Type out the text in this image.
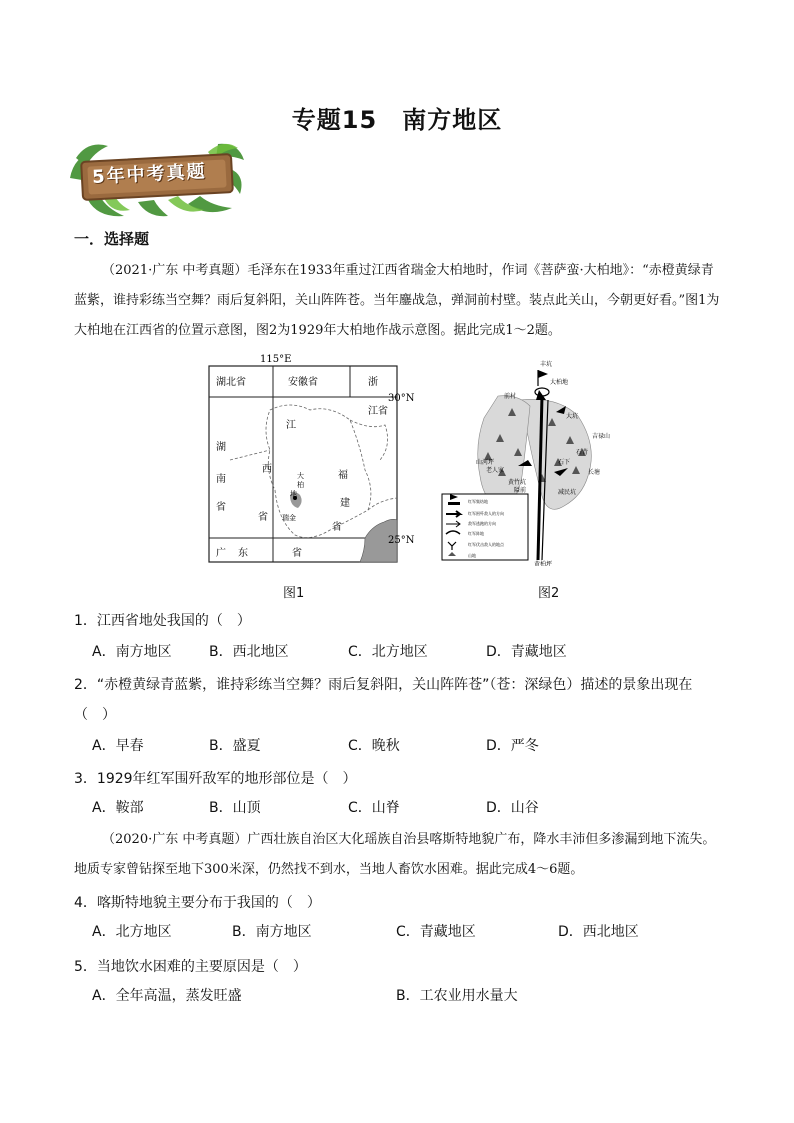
专题15　南方地区
5年中考真题
一．选择题
（2021·广东 中考真题）毛泽东在1933年重过江西省瑞金大柏地时，作词《菩萨蛮·大柏地》：“赤橙黄绿青蓝紫，谁持彩练当空舞？雨后复斜阳，关山阵阵苍。当年鏖战急，弹洞前村壁。装点此关山，今朝更好看。”图1为大柏地在江西省的位置示意图，图2为1929年大柏地作战示意图。据此完成1～2题。
115°E
湖北省	安徽省	浙
30°N
江省
湖
南
省
江
西
省
福
建
省
大
柏
地
瑞金
25°N
广 东	省
图1
丰坑
大柏地
前村
山河坪
老人家
黄竹坑
大坑
吉禄山
石背
石下
长塘
减民坑
隘前
黄柏坪
红军集结地
红军围歼敌人的方向
敌军逃跑的方向
红军阵地
红军伏击敌人的地点
山地
图2
1．江西省地处我国的（　）
A．南方地区	B．西北地区	C．北方地区	D．青藏地区
2．“赤橙黄绿青蓝紫，谁持彩练当空舞？雨后复斜阳，关山阵阵苍”（苍：深绿色）描述的景象出现在
（　）
A．早春	B．盛夏	C．晚秋	D．严冬
3．1929年红军围歼敌军的地形部位是（　）
A．鞍部	B．山顶	C．山脊	D．山谷
（2020·广东 中考真题）广西壮族自治区大化瑶族自治县喀斯特地貌广布，降水丰沛但多渗漏到地下流失。地质专家曾钻探至地下300米深，仍然找不到水，当地人畜饮水困难。据此完成4～6题。
4．喀斯特地貌主要分布于我国的（　）
A．北方地区	B．南方地区	C．青藏地区	D．西北地区
5．当地饮水困难的主要原因是（　）
A．全年高温，蒸发旺盛	B．工农业用水量大
